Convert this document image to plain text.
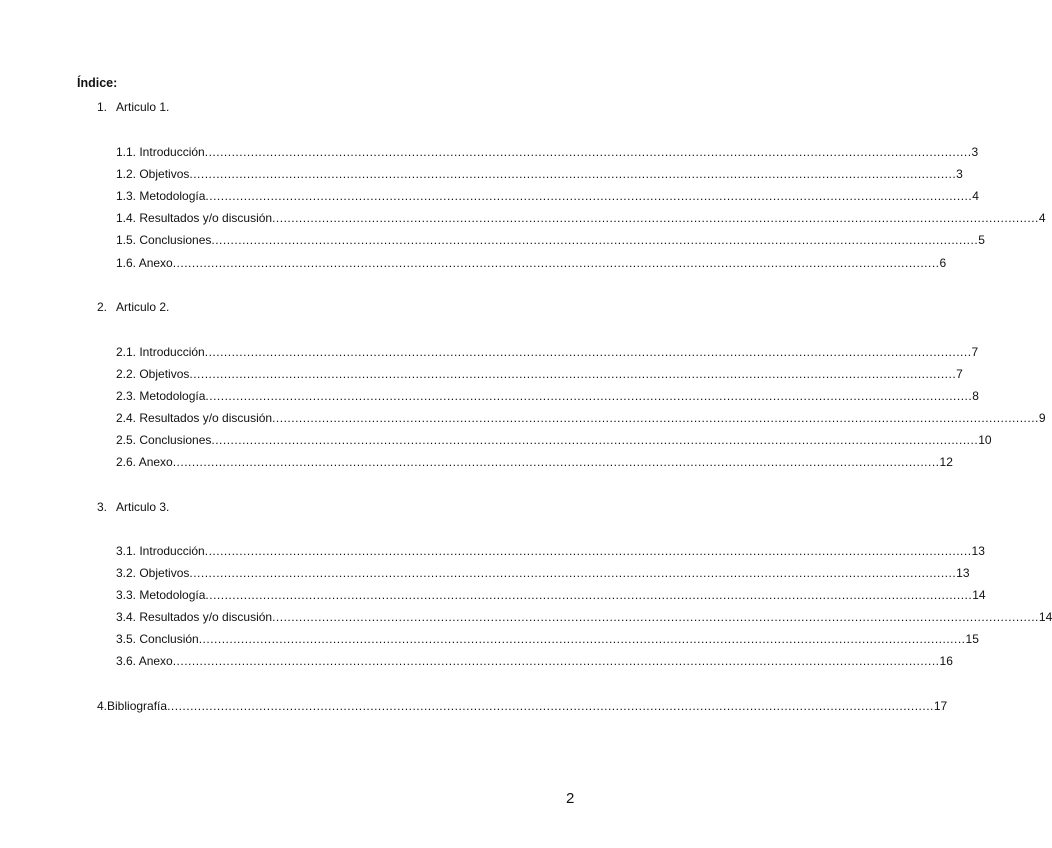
Índice:
1. Articulo 1.
1.1. Introducción ........................................................................................................................................................................................................ 3
1.2. Objetivos ........................................................................................................................................................................................................ 3
1.3. Metodología ........................................................................................................................................................................................................ 4
1.4. Resultados y/o discusión ........................................................................................................................................................................................................ 4
1.5. Conclusiones ........................................................................................................................................................................................................ 5
1.6. Anexo ........................................................................................................................................................................................................ 6
2. Articulo 2.
2.1. Introducción ........................................................................................................................................................................................................ 7
2.2. Objetivos ........................................................................................................................................................................................................ 7
2.3. Metodología ........................................................................................................................................................................................................ 8
2.4. Resultados y/o discusión ........................................................................................................................................................................................................ 9
2.5. Conclusiones ........................................................................................................................................................................................................ 10
2.6. Anexo ........................................................................................................................................................................................................ 12
3. Articulo 3.
3.1. Introducción ........................................................................................................................................................................................................ 13
3.2. Objetivos ........................................................................................................................................................................................................ 13
3.3. Metodología ........................................................................................................................................................................................................ 14
3.4. Resultados y/o discusión ........................................................................................................................................................................................................ 14
3.5. Conclusión ........................................................................................................................................................................................................ 15
3.6. Anexo ........................................................................................................................................................................................................ 16
4. Bibliografía ........................................................................................................................................................................................................ 17
2
